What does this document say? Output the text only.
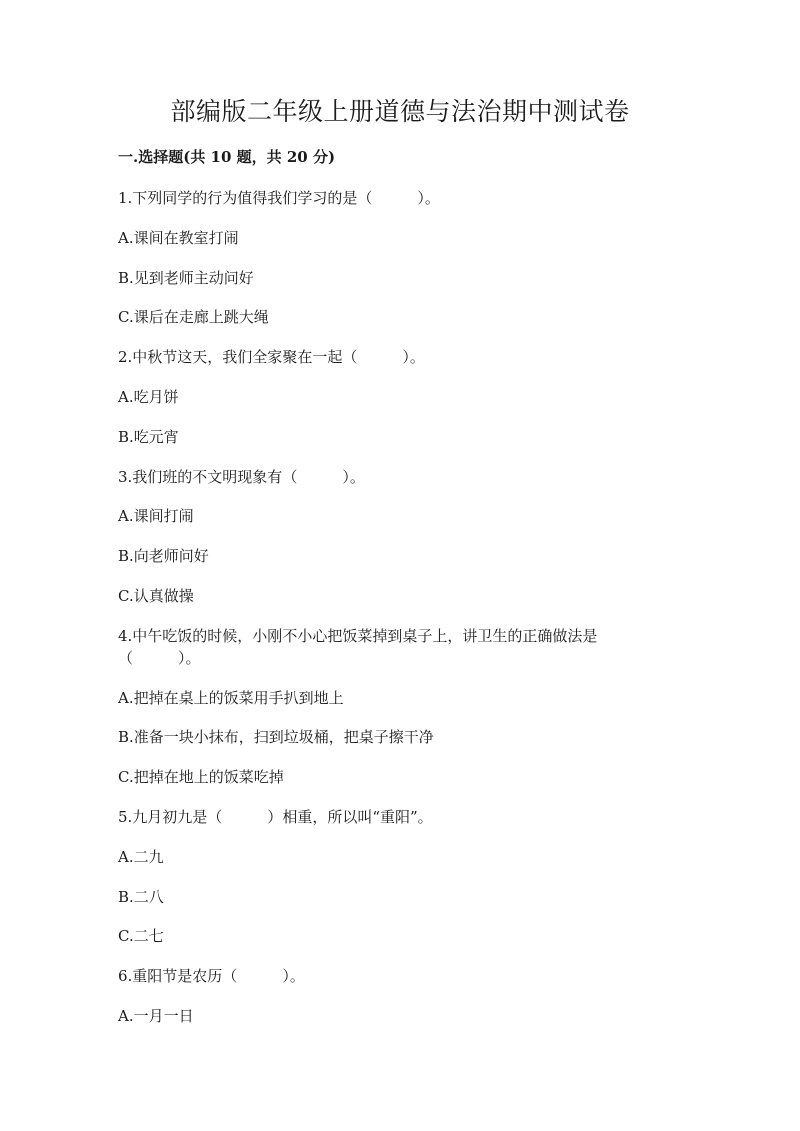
部编版二年级上册道德与法治期中测试卷
一.选择题(共 10 题，共 20 分)

1.下列同学的行为值得我们学习的是（　　　）。

A.课间在教室打闹

B.见到老师主动问好

C.课后在走廊上跳大绳

2.中秋节这天，我们全家聚在一起（　　　）。

A.吃月饼

B.吃元宵

3.我们班的不文明现象有（　　　）。

A.课间打闹

B.向老师问好

C.认真做操

4.中午吃饭的时候，小刚不小心把饭菜掉到桌子上，讲卫生的正确做法是

（　　　）。

A.把掉在桌上的饭菜用手扒到地上

B.准备一块小抹布，扫到垃圾桶，把桌子擦干净

C.把掉在地上的饭菜吃掉

5.九月初九是（　　　）相重，所以叫“重阳”。

A.二九

B.二八

C.二七

6.重阳节是农历（　　　）。

A.一月一日
